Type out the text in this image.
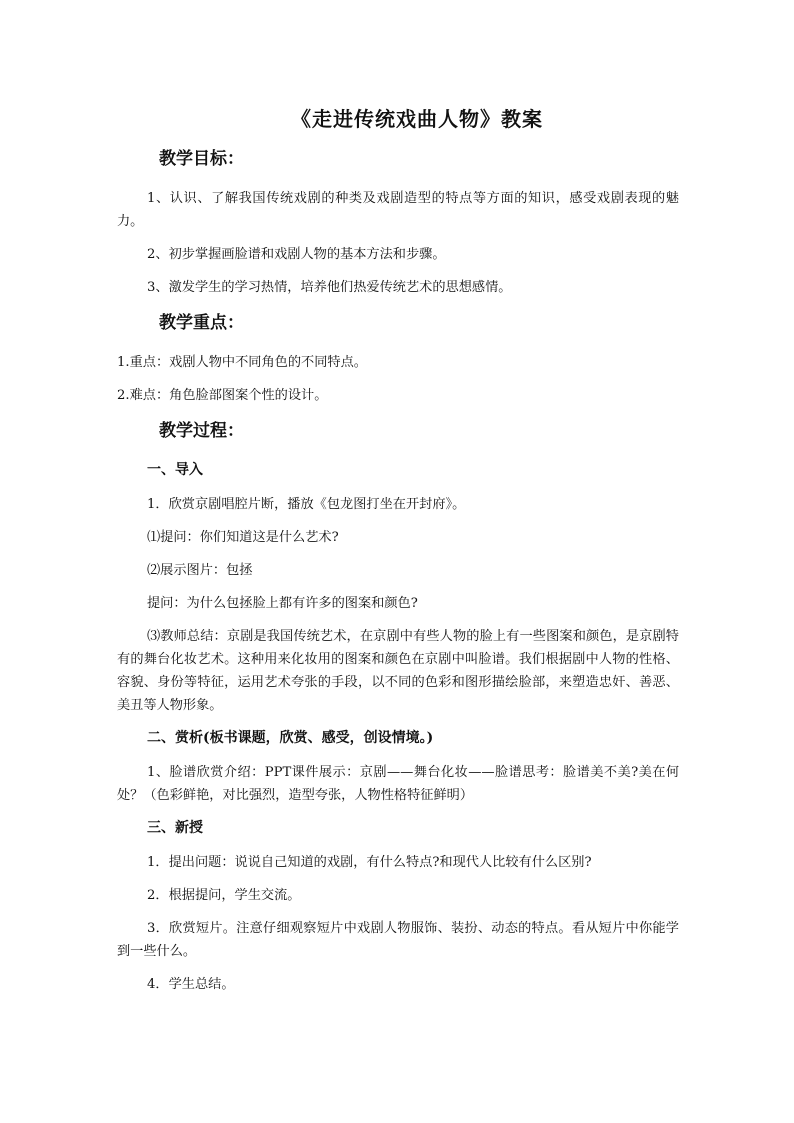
《走进传统戏曲人物》教案
教学目标：

1、认识、了解我国传统戏剧的种类及戏剧造型的特点等方面的知识，感受戏剧表现的魅力。

2、初步掌握画脸谱和戏剧人物的基本方法和步骤。

3、激发学生的学习热情，培养他们热爱传统艺术的思想感情。

教学重点：

1.重点：戏剧人物中不同角色的不同特点。

2.难点：角色脸部图案个性的设计。

教学过程：
一、导入

1．欣赏京剧唱腔片断，播放《包龙图打坐在开封府》。

⑴提问：你们知道这是什么艺术?

⑵展示图片：包拯

提问：为什么包拯脸上都有许多的图案和颜色?

⑶教师总结：京剧是我国传统艺术，在京剧中有些人物的脸上有一些图案和颜色，是京剧特有的舞台化妆艺术。这种用来化妆用的图案和颜色在京剧中叫脸谱。我们根据剧中人物的性格、容貌、身份等特征，运用艺术夸张的手段，以不同的色彩和图形描绘脸部，来塑造忠奸、善恶、美丑等人物形象。

二、赏析(板书课题，欣赏、感受，创设情境。)

1、脸谱欣赏介绍：PPT课件展示：京剧——舞台化妆——脸谱思考：脸谱美不美?美在何处？（色彩鲜艳，对比强烈，造型夸张，人物性格特征鲜明）

三、新授

1．提出问题：说说自己知道的戏剧，有什么特点?和现代人比较有什么区别?

2．根据提问，学生交流。

3．欣赏短片。注意仔细观察短片中戏剧人物服饰、装扮、动态的特点。看从短片中你能学到一些什么。

4．学生总结。
